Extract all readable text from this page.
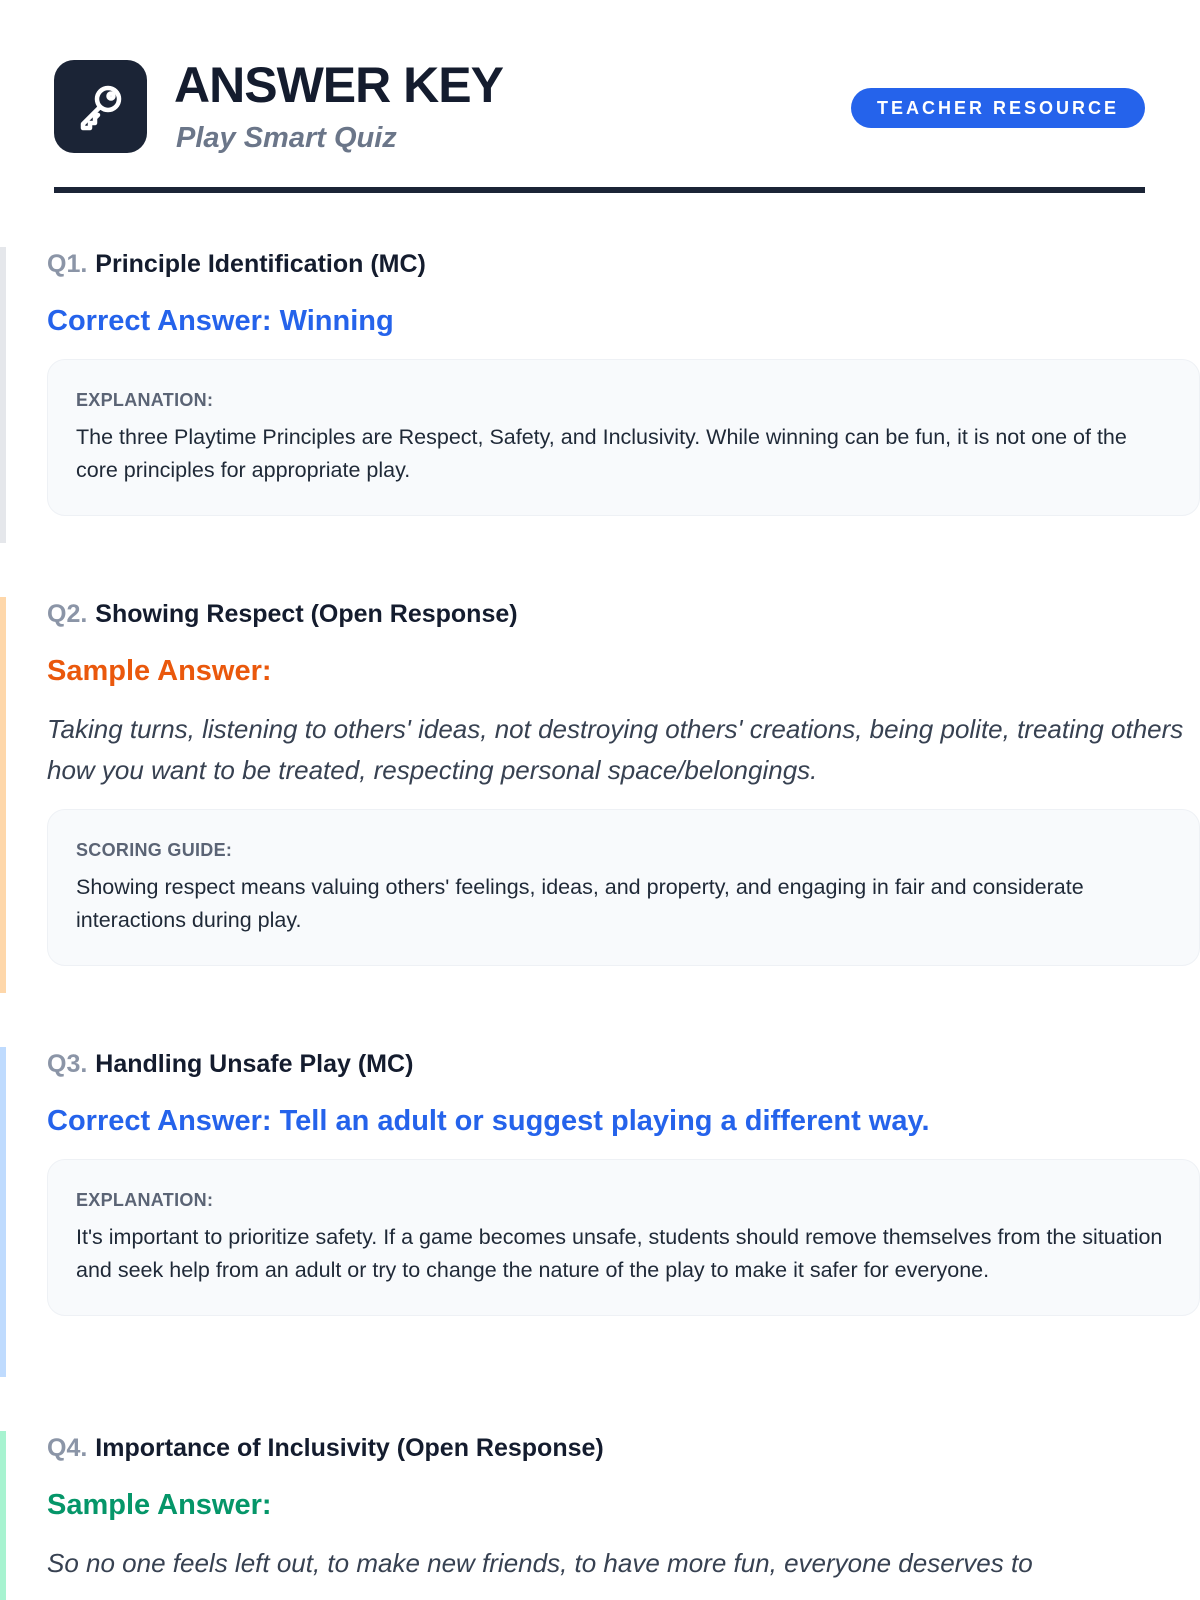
ANSWER KEY
Play Smart Quiz
TEACHER RESOURCE
Q1. Principle Identification (MC)
Correct Answer: Winning
EXPLANATION:
The three Playtime Principles are Respect, Safety, and Inclusivity. While winning can be fun, it is not one of the core principles for appropriate play.
Q2. Showing Respect (Open Response)
Sample Answer:
Taking turns, listening to others' ideas, not destroying others' creations, being polite, treating others how you want to be treated, respecting personal space/belongings.
SCORING GUIDE:
Showing respect means valuing others' feelings, ideas, and property, and engaging in fair and considerate interactions during play.
Q3. Handling Unsafe Play (MC)
Correct Answer: Tell an adult or suggest playing a different way.
EXPLANATION:
It's important to prioritize safety. If a game becomes unsafe, students should remove themselves from the situation and seek help from an adult or try to change the nature of the play to make it safer for everyone.
Q4. Importance of Inclusivity (Open Response)
Sample Answer:
So no one feels left out, to make new friends, to have more fun, everyone deserves to
